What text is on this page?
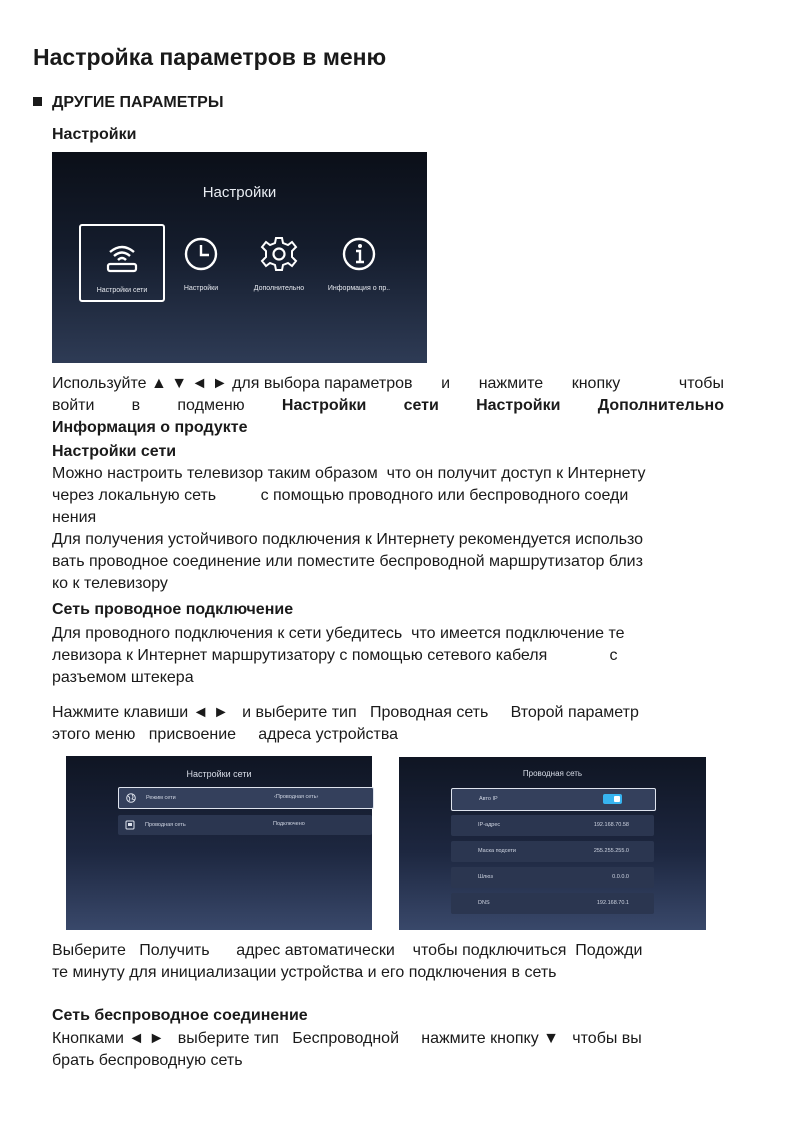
Настройка параметров в меню
ДРУГИЕ ПАРАМЕТРЫ
Настройки
Настройки
Настройки сети	Настройки	Дополнительно	Информация о пр..
Используйте ▲ ▼ ◄ ► для выбора параметров и нажмите кнопку	чтобы
войти в подменю Настройки сети Настройки Дополнительно
Информация о продукте
Настройки сети
Можно настроить телевизор таким образом  что он получит доступ к Интернету
через локальную сеть          с помощью проводного или беспроводного соеди
нения
Для получения устойчивого подключения к Интернету рекомендуется использо
вать проводное соединение или поместите беспроводной маршрутизатор близ
ко к телевизору
Сеть проводное подключение
Для проводного подключения к сети убедитесь  что имеется подключение те
левизора к Интернет маршрутизатору с помощью сетевого кабеля              с
разъемом штекера
Нажмите клавиши ◄ ►   и выберите тип   Проводная сеть     Второй параметр
этого меню   присвоение     адреса устройства
Настройки сети
Режим сети	‹Проводная сеть›
Проводная сеть	Подключено
Проводная сеть
Авто IP
IP-адрес	192.168.70.58
Маска подсети	255.255.255.0
Шлюз	0.0.0.0
DNS	192.168.70.1
Выберите   Получить      адрес автоматически    чтобы подключиться  Подожди
те минуту для инициализации устройства и его подключения в сеть
Сеть беспроводное соединение
Кнопками ◄ ►   выберите тип   Беспроводной     нажмите кнопку ▼   чтобы вы
брать беспроводную сеть
